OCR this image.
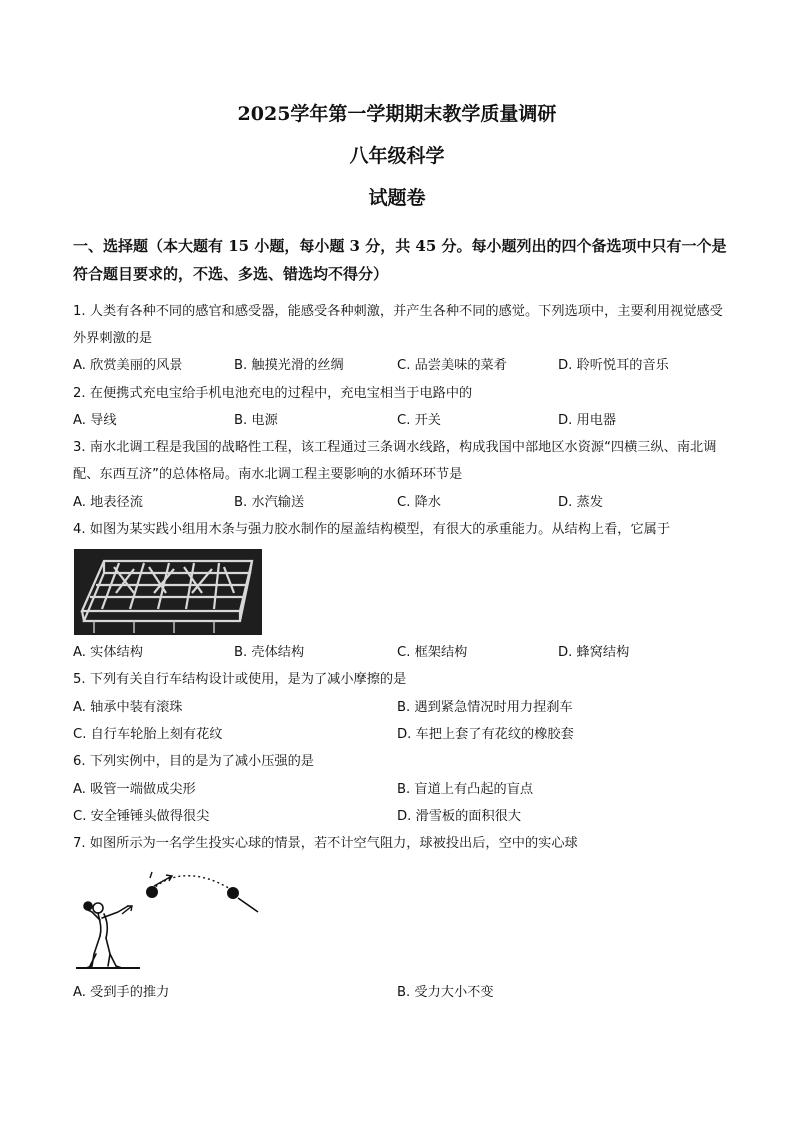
2025学年第一学期期末教学质量调研
八年级科学
试题卷
一、选择题（本大题有 15 小题，每小题 3 分，共 45 分。每小题列出的四个备选项中只有一个是符合题目要求的，不选、多选、错选均不得分）
1. 人类有各种不同的感官和感受器，能感受各种刺激，并产生各种不同的感觉。下列选项中，主要利用视觉感受外界刺激的是
A. 欣赏美丽的风景	B. 触摸光滑的丝绸	C. 品尝美味的菜肴	D. 聆听悦耳的音乐
2. 在便携式充电宝给手机电池充电的过程中，充电宝相当于电路中的
A. 导线	B. 电源	C. 开关	D. 用电器
3. 南水北调工程是我国的战略性工程，该工程通过三条调水线路，构成我国中部地区水资源“四横三纵、南北调配、东西互济”的总体格局。南水北调工程主要影响的水循环环节是
A. 地表径流	B. 水汽输送	C. 降水	D. 蒸发
4. 如图为某实践小组用木条与强力胶水制作的屋盖结构模型，有很大的承重能力。从结构上看，它属于
A. 实体结构	B. 壳体结构	C. 框架结构	D. 蜂窝结构
5. 下列有关自行车结构设计或使用，是为了减小摩擦的是
A. 轴承中装有滚珠	B. 遇到紧急情况时用力捏刹车
C. 自行车轮胎上刻有花纹	D. 车把上套了有花纹的橡胶套
6. 下列实例中，目的是为了减小压强的是
A. 吸管一端做成尖形	B. 盲道上有凸起的盲点
C. 安全锤锤头做得很尖	D. 滑雪板的面积很大
7. 如图所示为一名学生投实心球的情景，若不计空气阻力，球被投出后，空中的实心球
A. 受到手的推力	B. 受力大小不变
